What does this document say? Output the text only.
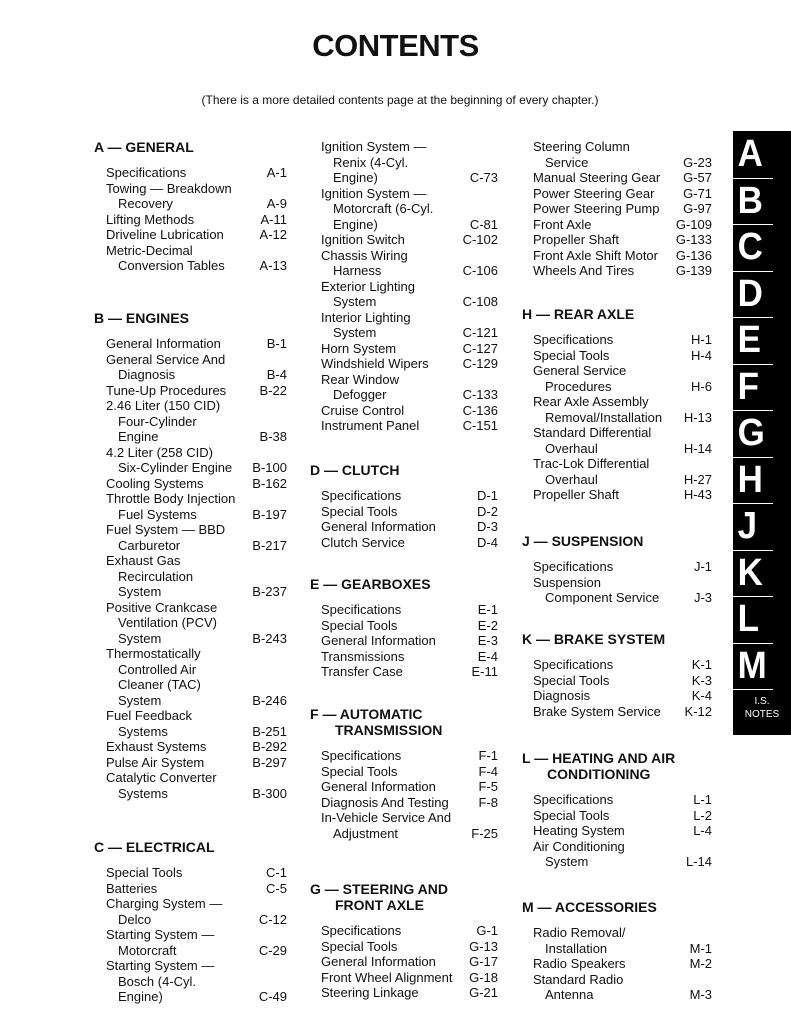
CONTENTS
(There is a more detailed contents page at the beginning of every chapter.)
A — GENERAL
Specifications	A-1
Towing — Breakdown
Recovery	A-9
Lifting Methods	A-11
Driveline Lubrication	A-12
Metric-Decimal
Conversion Tables	A-13
B — ENGINES
General Information	B-1
General Service And
Diagnosis	B-4
Tune-Up Procedures	B-22
2.46 Liter (150 CID)
Four-Cylinder
Engine	B-38
4.2 Liter (258 CID)
Six-Cylinder Engine	B-100
Cooling Systems	B-162
Throttle Body Injection
Fuel Systems	B-197
Fuel System — BBD
Carburetor	B-217
Exhaust Gas
Recirculation
System	B-237
Positive Crankcase
Ventilation (PCV)
System	B-243
Thermostatically
Controlled Air
Cleaner (TAC)
System	B-246
Fuel Feedback
Systems	B-251
Exhaust Systems	B-292
Pulse Air System	B-297
Catalytic Converter
Systems	B-300
C — ELECTRICAL
Special Tools	C-1
Batteries	C-5
Charging System —
Delco	C-12
Starting System —
Motorcraft	C-29
Starting System —
Bosch (4-Cyl.
Engine)	C-49
Ignition System —
Renix (4-Cyl.
Engine)	C-73
Ignition System —
Motorcraft (6-Cyl.
Engine)	C-81
Ignition Switch	C-102
Chassis Wiring
Harness	C-106
Exterior Lighting
System	C-108
Interior Lighting
System	C-121
Horn System	C-127
Windshield Wipers	C-129
Rear Window
Defogger	C-133
Cruise Control	C-136
Instrument Panel	C-151
D — CLUTCH
Specifications	D-1
Special Tools	D-2
General Information	D-3
Clutch Service	D-4
E — GEARBOXES
Specifications	E-1
Special Tools	E-2
General Information	E-3
Transmissions	E-4
Transfer Case	E-11
F — AUTOMATIC
TRANSMISSION
Specifications	F-1
Special Tools	F-4
General Information	F-5
Diagnosis And Testing	F-8
In-Vehicle Service And
Adjustment	F-25
G — STEERING AND
FRONT AXLE
Specifications	G-1
Special Tools	G-13
General Information	G-17
Front Wheel Alignment	G-18
Steering Linkage	G-21
Steering Column
Service	G-23
Manual Steering Gear	G-57
Power Steering Gear	G-71
Power Steering Pump	G-97
Front Axle	G-109
Propeller Shaft	G-133
Front Axle Shift Motor	G-136
Wheels And Tires	G-139
H — REAR AXLE
Specifications	H-1
Special Tools	H-4
General Service
Procedures	H-6
Rear Axle Assembly
Removal/Installation	H-13
Standard Differential
Overhaul	H-14
Trac-Lok Differential
Overhaul	H-27
Propeller Shaft	H-43
J — SUSPENSION
Specifications	J-1
Suspension
Component Service	J-3
K — BRAKE SYSTEM
Specifications	K-1
Special Tools	K-3
Diagnosis	K-4
Brake System Service	K-12
L — HEATING AND AIR
CONDITIONING
Specifications	L-1
Special Tools	L-2
Heating System	L-4
Air Conditioning
System	L-14
M — ACCESSORIES
Radio Removal/
Installation	M-1
Radio Speakers	M-2
Standard Radio
Antenna	M-3
A
B
C
D
E
F
G
H
J
K
L
M
I.S.
NOTES
